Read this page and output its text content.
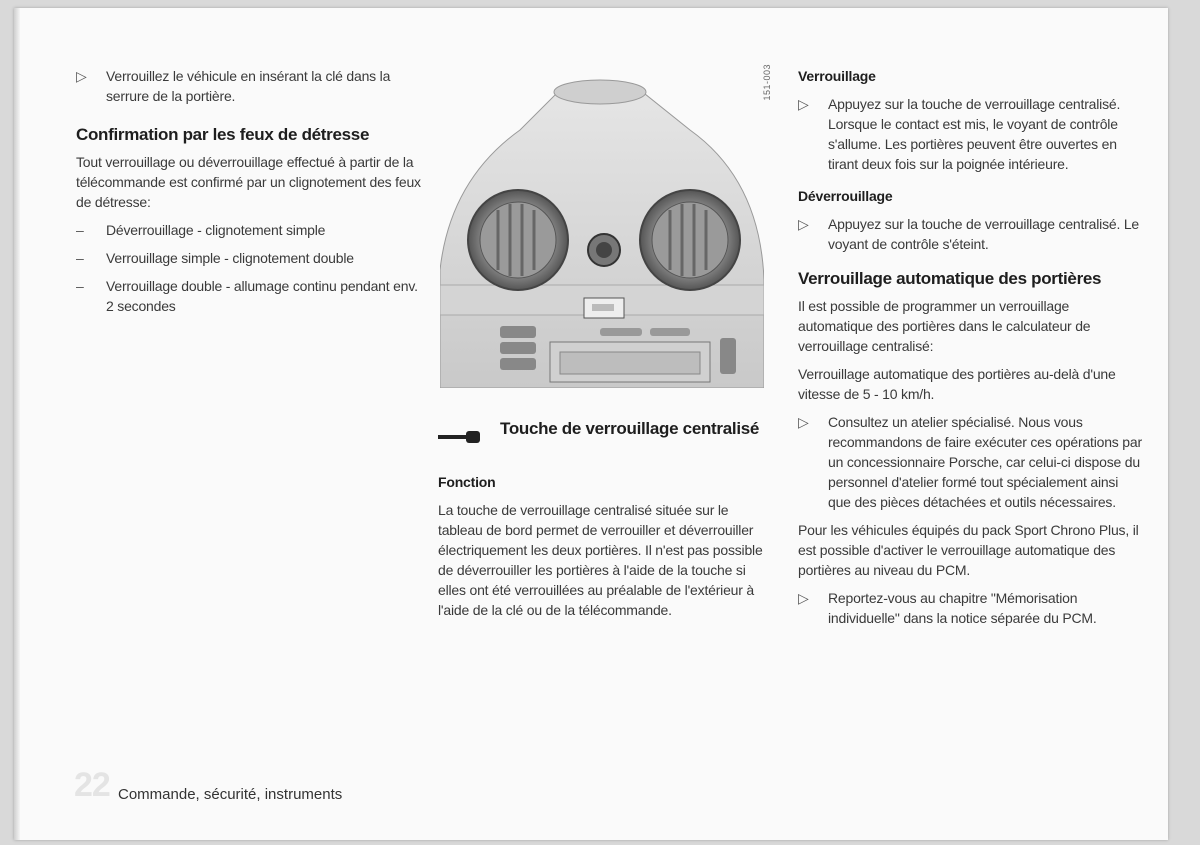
▷ Verrouillez le véhicule en insérant la clé dans la serrure de la portière.

Confirmation par les feux de détresse

Tout verrouillage ou déverrouillage effectué à partir de la télécommande est confirmé par un clignotement des feux de détresse:

– Déverrouillage - clignotement simple

– Verrouillage simple - clignotement double

– Verrouillage double - allumage continu pendant env. 2 secondes

151-003
Touche de verrouillage centralisé
Fonction

La touche de verrouillage centralisé située sur le tableau de bord permet de verrouiller et déverrouiller électriquement les deux portières. Il n'est pas possible de déverrouiller les portières à l'aide de la touche si elles ont été verrouillées au préalable de l'extérieur à l'aide de la clé ou de la télécommande.

Verrouillage
▷ Appuyez sur la touche de verrouillage centralisé. Lorsque le contact est mis, le voyant de contrôle s'allume. Les portières peuvent être ouvertes en tirant deux fois sur la poignée intérieure.

Déverrouillage
▷ Appuyez sur la touche de verrouillage centralisé. Le voyant de contrôle s'éteint.

Verrouillage automatique des portières

Il est possible de programmer un verrouillage automatique des portières dans le calculateur de verrouillage centralisé:

Verrouillage automatique des portières au-delà d'une vitesse de 5 - 10 km/h.

▷ Consultez un atelier spécialisé. Nous vous recommandons de faire exécuter ces opérations par un concessionnaire Porsche, car celui-ci dispose du personnel d'atelier formé tout spécialement ainsi que des pièces détachées et outils nécessaires.

Pour les véhicules équipés du pack Sport Chrono Plus, il est possible d'activer le verrouillage automatique des portières au niveau du PCM.

▷ Reportez-vous au chapitre "Mémorisation individuelle" dans la notice séparée du PCM.

22 Commande, sécurité, instruments
